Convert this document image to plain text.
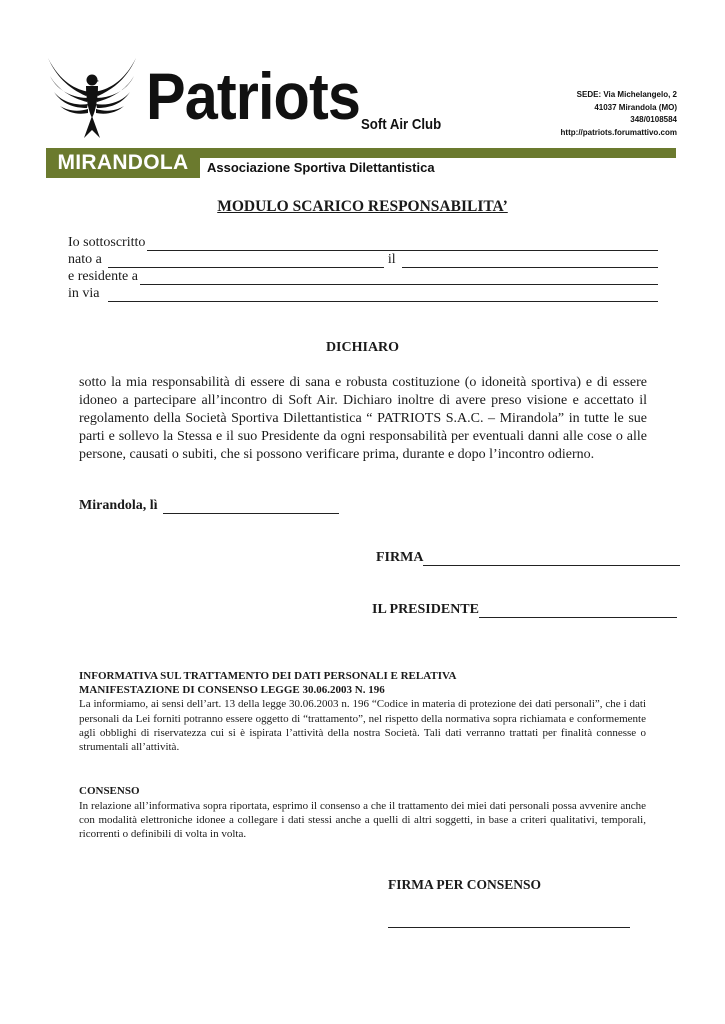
Patriots Soft Air Club
SEDE: Via Michelangelo, 2
41037 Mirandola (MO)
348/0108584
http://patriots.forumattivo.com
MIRANDOLA	Associazione Sportiva Dilettantistica
MODULO SCARICO RESPONSABILITA’
Io sottoscritto
nato a	il
e residente a
in via
DICHIARO

sotto la mia responsabilità di essere di sana e robusta costituzione (o idoneità sportiva) e di essere idoneo a partecipare all’incontro di Soft Air. Dichiaro inoltre di avere preso visione e accettato il regolamento della Società Sportiva Dilettantistica “ PATRIOTS S.A.C. – Mirandola” in tutte le sue parti e sollevo la Stessa e il suo Presidente da ogni responsabilità per eventuali danni alle cose o alle persone, causati o subiti, che si possono verificare prima, durante e dopo l’incontro odierno.

Mirandola, lì
FIRMA
IL PRESIDENTE
INFORMATIVA SUL TRATTAMENTO DEI DATI PERSONALI E RELATIVA
MANIFESTAZIONE DI CONSENSO LEGGE 30.06.2003 N. 196

La informiamo, ai sensi dell’art. 13 della legge 30.06.2003 n. 196 “Codice in materia di protezione dei dati personali”, che i dati personali da Lei forniti potranno essere oggetto di “trattamento”, nel rispetto della normativa sopra richiamata e conformemente agli obblighi di riservatezza cui si è ispirata l’attività della nostra Società. Tali dati verranno trattati per finalità connesse o strumentali all’attività.

CONSENSO

In relazione all’informativa sopra riportata, esprimo il consenso a che il trattamento dei miei dati personali possa avvenire anche con modalità elettroniche idonee a collegare i dati stessi anche a quelli di altri soggetti, in base a criteri qualitativi, temporali, ricorrenti o definibili di volta in volta.

FIRMA PER CONSENSO
